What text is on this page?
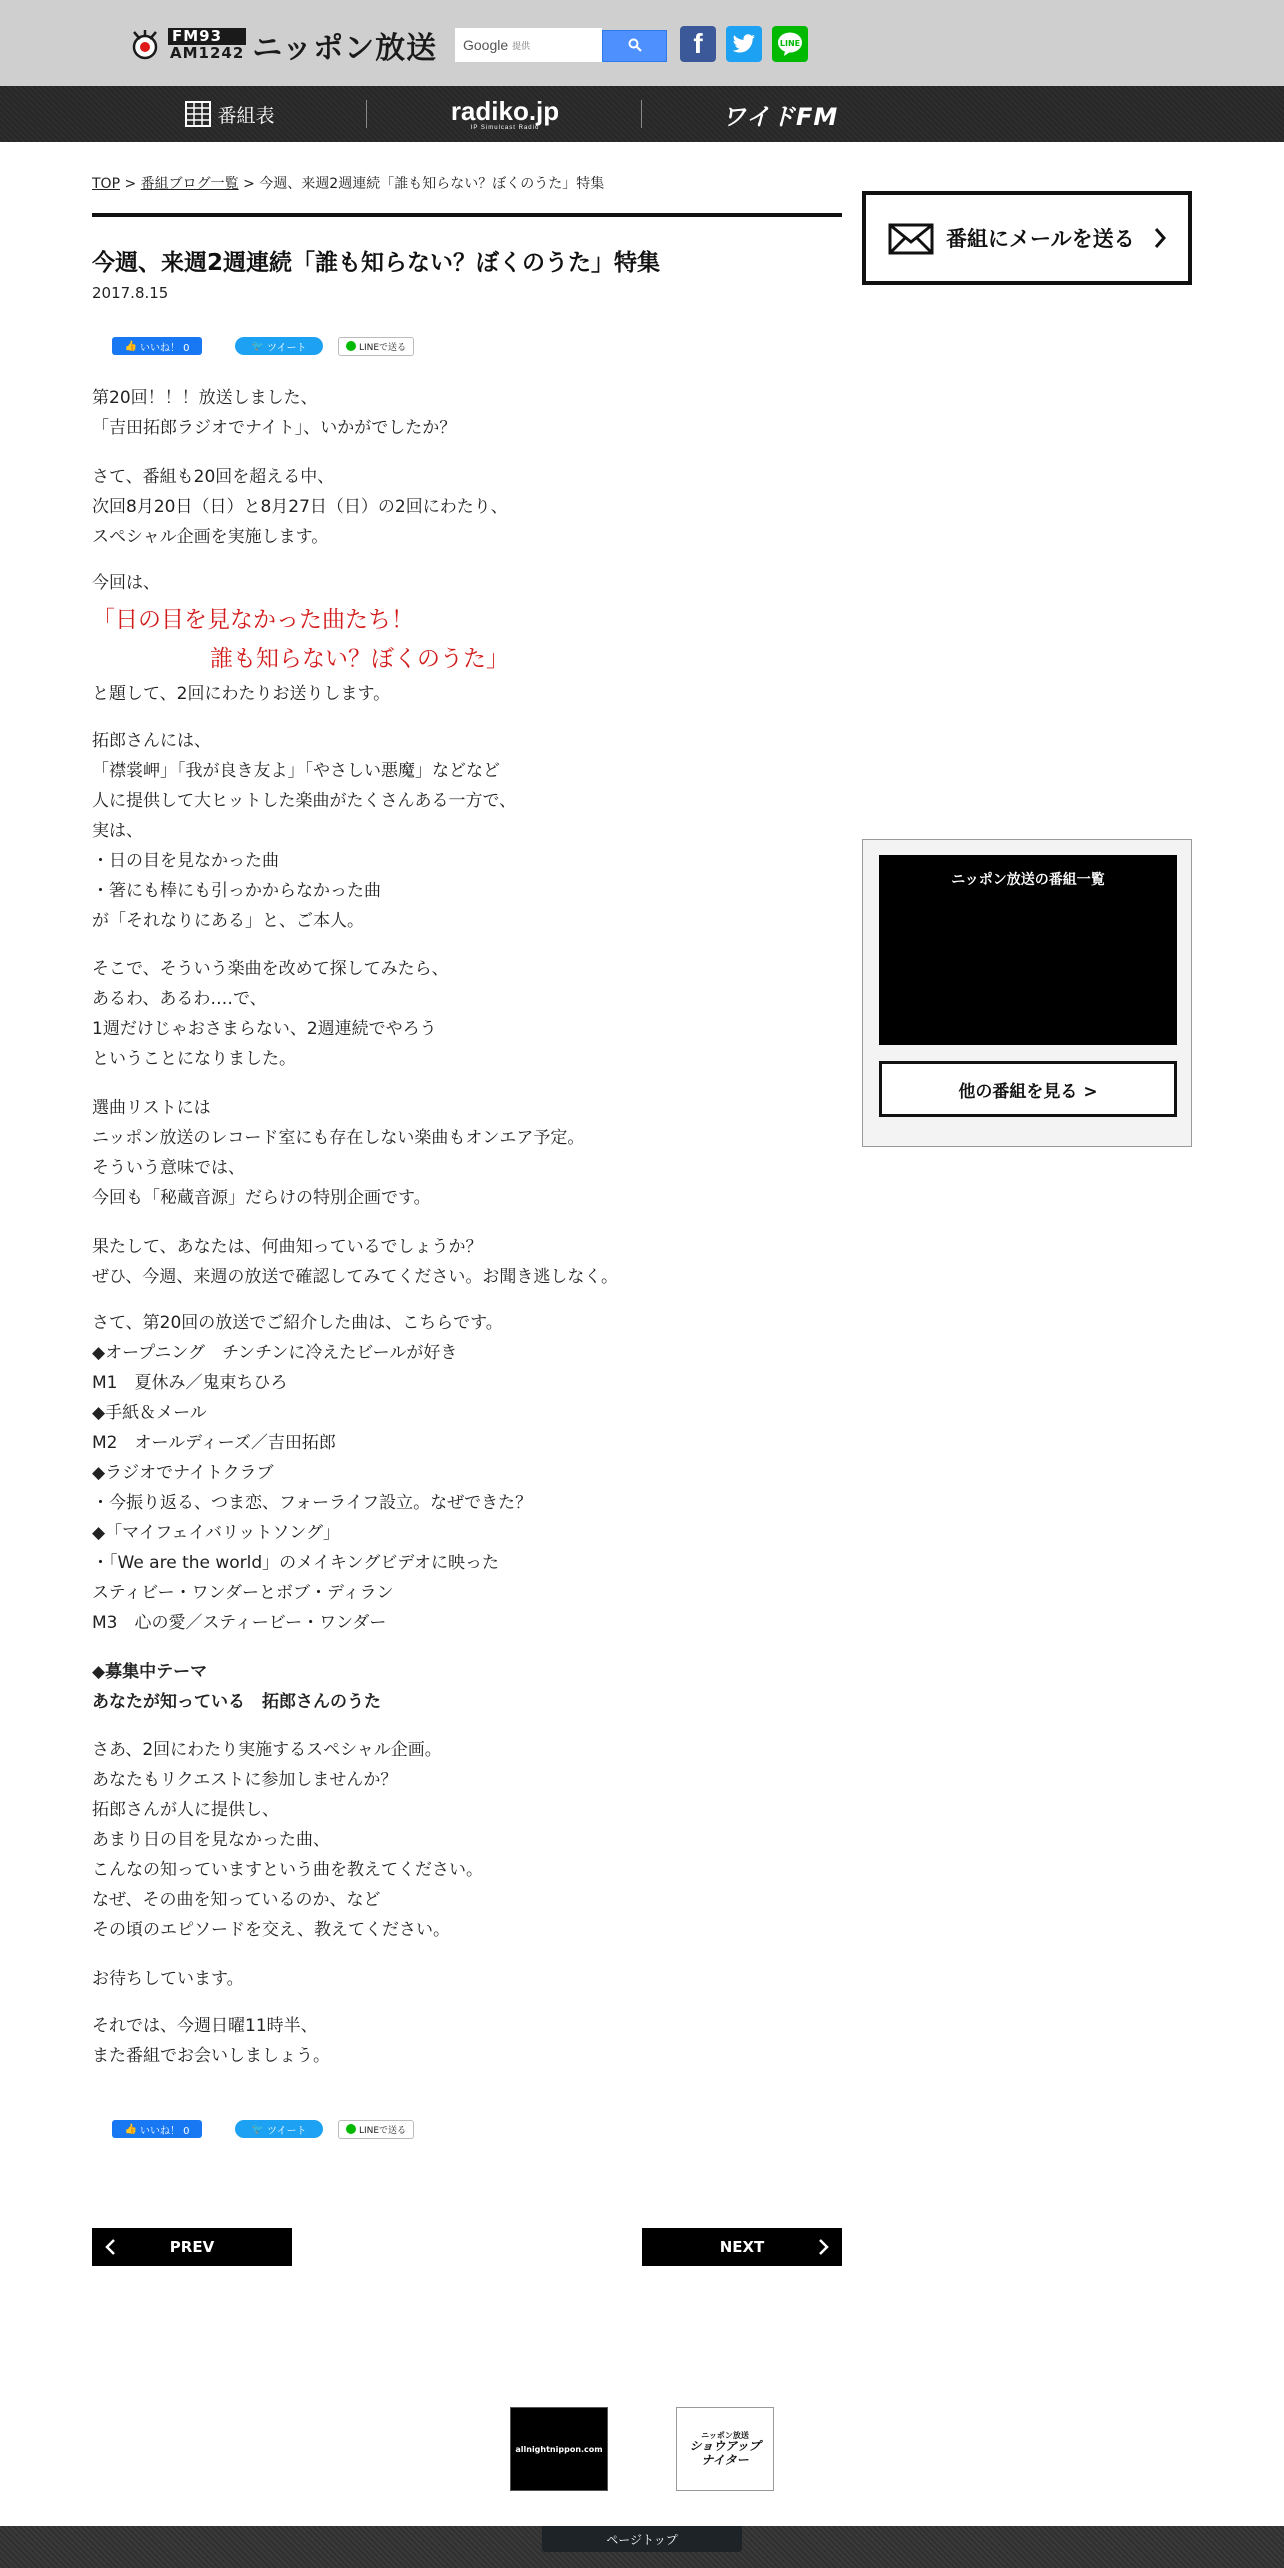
FM93
AM1242 ニッポン放送 Google 提供	f	LINE
番組表	radiko.jp
IP Simulcast Radio	ワイドFM
TOP > 番組ブログ一覧 > 今週、来週2週連続「誰も知らない？ぼくのうた」特集
今週、来週2週連続「誰も知らない？ぼくのうた」特集
2017.8.15
👍 いいね！ 0	🐦 ツイート	LINEで送る
第20回！！！放送しました、
「吉田拓郎ラジオでナイト」、いかがでしたか？
さて、番組も20回を超える中、
次回8月20日（日）と8月27日（日）の2回にわたり、
スペシャル企画を実施します。
今回は、
「日の目を見なかった曲たち！
誰も知らない？ぼくのうた」
と題して、2回にわたりお送りします。
拓郎さんには、
「襟裳岬」「我が良き友よ」「やさしい悪魔」などなど
人に提供して大ヒットした楽曲がたくさんある一方で、
実は、
・日の目を見なかった曲
・箸にも棒にも引っかからなかった曲
が「それなりにある」と、ご本人。
そこで、そういう楽曲を改めて探してみたら、
あるわ、あるわ‥‥で、
1週だけじゃおさまらない、2週連続でやろう
ということになりました。
選曲リストには
ニッポン放送のレコード室にも存在しない楽曲もオンエア予定。
そういう意味では、
今回も「秘蔵音源」だらけの特別企画です。
果たして、あなたは、何曲知っているでしょうか？
ぜひ、今週、来週の放送で確認してみてください。お聞き逃しなく。
さて、第20回の放送でご紹介した曲は、こちらです。
◆オープニング　チンチンに冷えたビールが好き
M1　夏休み／鬼束ちひろ
◆手紙＆メール
M2　オールディーズ／吉田拓郎
◆ラジオでナイトクラブ
・今振り返る、つま恋、フォーライフ設立。なぜできた？
◆「マイフェイバリットソング」
・「We are the world」のメイキングビデオに映った
スティビー・ワンダーとボブ・ディラン
M3　心の愛／スティービー・ワンダー
◆募集中テーマ
あなたが知っている　拓郎さんのうた
さあ、2回にわたり実施するスペシャル企画。
あなたもリクエストに参加しませんか？
拓郎さんが人に提供し、
あまり日の目を見なかった曲、
こんなの知っていますという曲を教えてください。
なぜ、その曲を知っているのか、など
その頃のエピソードを交え、教えてください。
お待ちしています。
それでは、今週日曜11時半、
また番組でお会いしましょう。
👍 いいね！ 0	🐦 ツイート	LINEで送る
番組にメールを送る
ニッポン放送の番組一覧
他の番組を見る >
PREV	NEXT
allnightnippon.com
ニッポン放送
ショウアップナイター
ページトップ
